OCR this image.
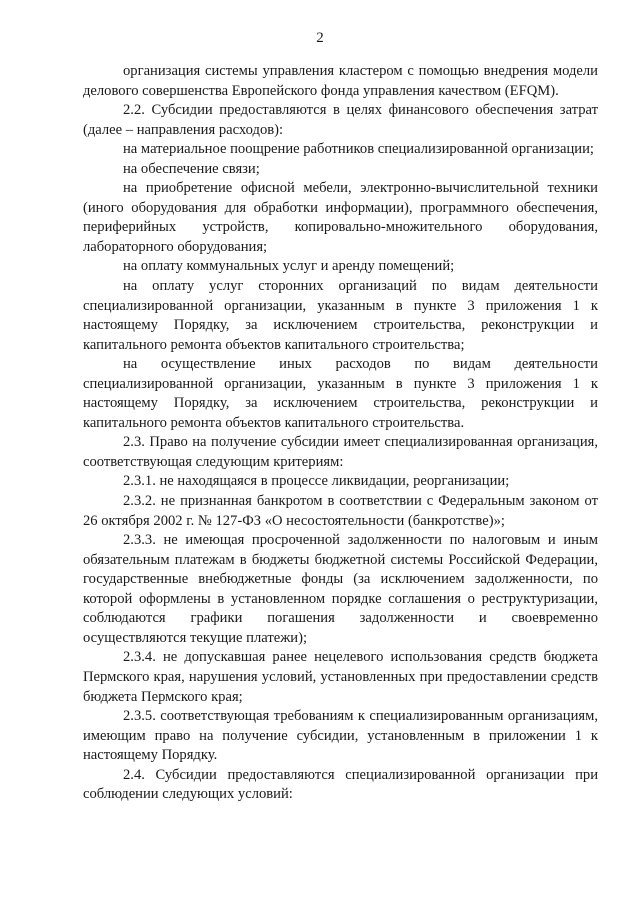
2

организация системы управления кластером с помощью внедрения модели делового совершенства Европейского фонда управления качеством (EFQM).

2.2. Субсидии предоставляются в целях финансового обеспечения затрат (далее – направления расходов):

на материальное поощрение работников специализированной организации;

на обеспечение связи;

на приобретение офисной мебели, электронно-вычислительной техники (иного оборудования для обработки информации), программного обеспечения, периферийных устройств, копировально-множительного оборудования, лабораторного оборудования;

на оплату коммунальных услуг и аренду помещений;

на оплату услуг сторонних организаций по видам деятельности специализированной организации, указанным в пункте 3 приложения 1 к настоящему Порядку, за исключением строительства, реконструкции и капитального ремонта объектов капитального строительства;

на осуществление иных расходов по видам деятельности специализированной организации, указанным в пункте 3 приложения 1 к настоящему Порядку, за исключением строительства, реконструкции и капитального ремонта объектов капитального строительства.

2.3. Право на получение субсидии имеет специализированная организация, соответствующая следующим критериям:

2.3.1. не находящаяся в процессе ликвидации, реорганизации;

2.3.2. не признанная банкротом в соответствии с Федеральным законом от 26 октября 2002 г. № 127-ФЗ «О несостоятельности (банкротстве)»;

2.3.3. не имеющая просроченной задолженности по налоговым и иным обязательным платежам в бюджеты бюджетной системы Российской Федерации, государственные внебюджетные фонды (за исключением задолженности, по которой оформлены в установленном порядке соглашения о реструктуризации, соблюдаются графики погашения задолженности и своевременно осуществляются текущие платежи);

2.3.4. не допускавшая ранее нецелевого использования средств бюджета Пермского края, нарушения условий, установленных при предоставлении средств бюджета Пермского края;

2.3.5. соответствующая требованиям к специализированным организациям, имеющим право на получение субсидии, установленным в приложении 1 к настоящему Порядку.

2.4. Субсидии предоставляются специализированной организации при соблюдении следующих условий:
